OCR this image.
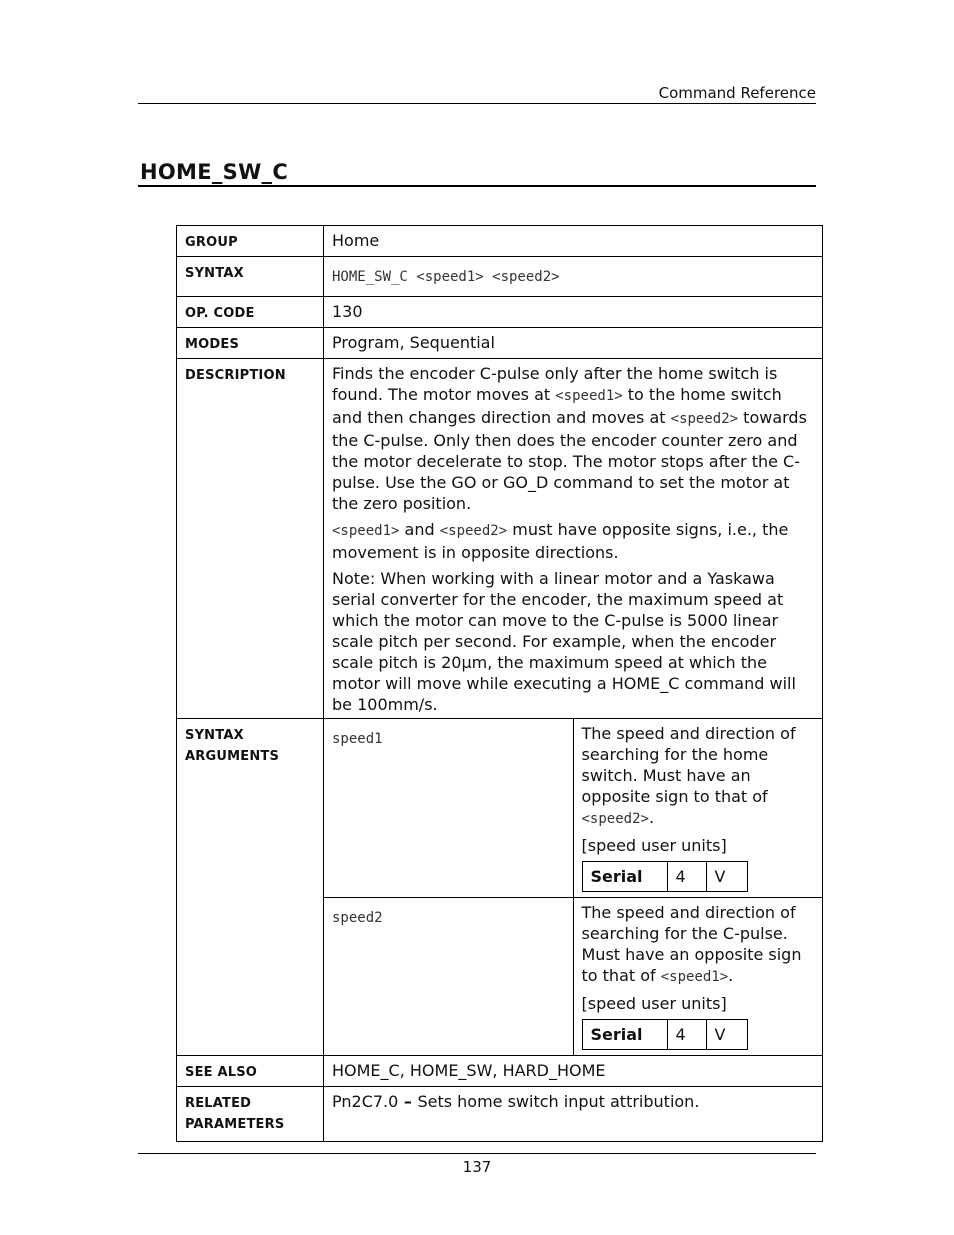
Command Reference
HOME_SW_C
GROUP	Home
SYNTAX	HOME_SW_C <speed1> <speed2>
OP. CODE	130
MODES	Program, Sequential
DESCRIPTION	Finds the encoder C-pulse only after the home switch is found. The motor moves at <speed1> to the home switch and then changes direction and moves at <speed2> towards the C-pulse. Only then does the encoder counter zero and the motor decelerate to stop. The motor stops after the C-pulse. Use the GO or GO_D command to set the motor at the zero position.

<speed1> and <speed2> must have opposite signs, i.e., the movement is in opposite directions.

Note: When working with a linear motor and a Yaskawa serial converter for the encoder, the maximum speed at which the motor can move to the C-pulse is 5000 linear scale pitch per second. For example, when the encoder scale pitch is 20μm, the maximum speed at which the motor will move while executing a HOME_C command will be 100mm/s.

SYNTAX
ARGUMENTS
	speed1	The speed and direction of searching for the home switch. Must have an opposite sign to that of <speed2>.

[speed user units]

Serial	4	V

speed2	The speed and direction of searching for the C-pulse. Must have an opposite sign to that of <speed1>.

[speed user units]

Serial	4	V

SEE ALSO	HOME_C, HOME_SW, HARD_HOME

RELATED
PARAMETERS
	Pn2C7.0 – Sets home switch input attribution.
137
